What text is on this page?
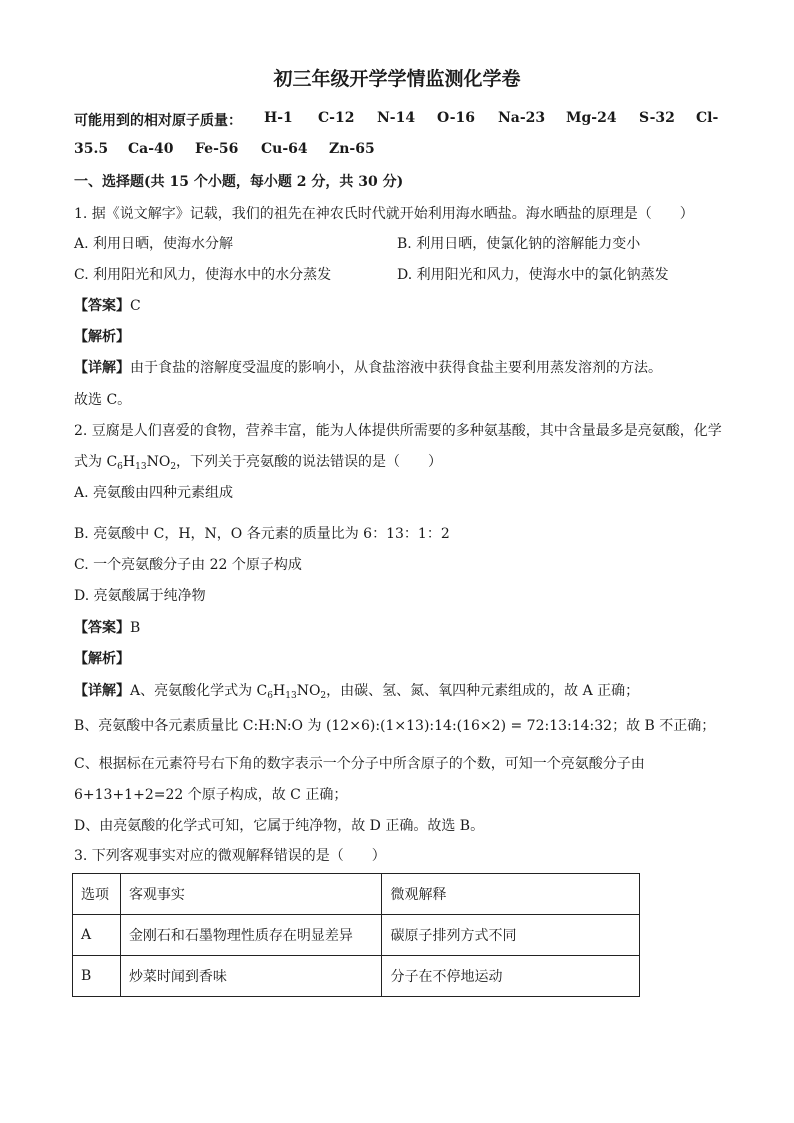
初三年级开学学情监测化学卷
可能用到的相对原子质量： H-1 C-12 N-14 O-16 Na-23 Mg-24 S-32 Cl-
35.5 Ca-40 Fe-56 Cu-64 Zn-65
一、选择题(共 15 个小题，每小题 2 分，共 30 分)
1. 据《说文解字》记载，我们的祖先在神农氏时代就开始利用海水晒盐。海水晒盐的原理是（　　）
A. 利用日晒，使海水分解	B. 利用日晒，使氯化钠的溶解能力变小
C. 利用阳光和风力，使海水中的水分蒸发	D. 利用阳光和风力，使海水中的氯化钠蒸发
【答案】C
【解析】
【详解】由于食盐的溶解度受温度的影响小，从食盐溶液中获得食盐主要利用蒸发溶剂的方法。
故选 C。
2. 豆腐是人们喜爱的食物，营养丰富，能为人体提供所需要的多种氨基酸，其中含量最多是亮氨酸，化学
式为 $C_6H_{13}NO_2$，下列关于亮氨酸的说法错误的是（　　）
A. 亮氨酸由四种元素组成
B. 亮氨酸中 C，H，N，O 各元素的质量比为 6：13：1：2
C. 一个亮氨酸分子由 22 个原子构成
D. 亮氨酸属于纯净物
【答案】B
【解析】
【详解】A、亮氨酸化学式为 $C_6H_{13}NO_2$，由碳、氢、氮、氧四种元素组成的，故 A 正确；
B、亮氨酸中各元素质量比 C:H:N:O 为 (12×6):(1×13):14:(16×2) = 72:13:14:32；故 B 不正确；
C、根据标在元素符号右下角的数字表示一个分子中所含原子的个数，可知一个亮氨酸分子由
6+13+1+2=22 个原子构成，故 C 正确；
D、由亮氨酸的化学式可知，它属于纯净物，故 D 正确。故选 B。
3. 下列客观事实对应的微观解释错误的是（　　）
选项	客观事实	微观解释
A	金刚石和石墨物理性质存在明显差异	碳原子排列方式不同
B	炒菜时闻到香味	分子在不停地运动
